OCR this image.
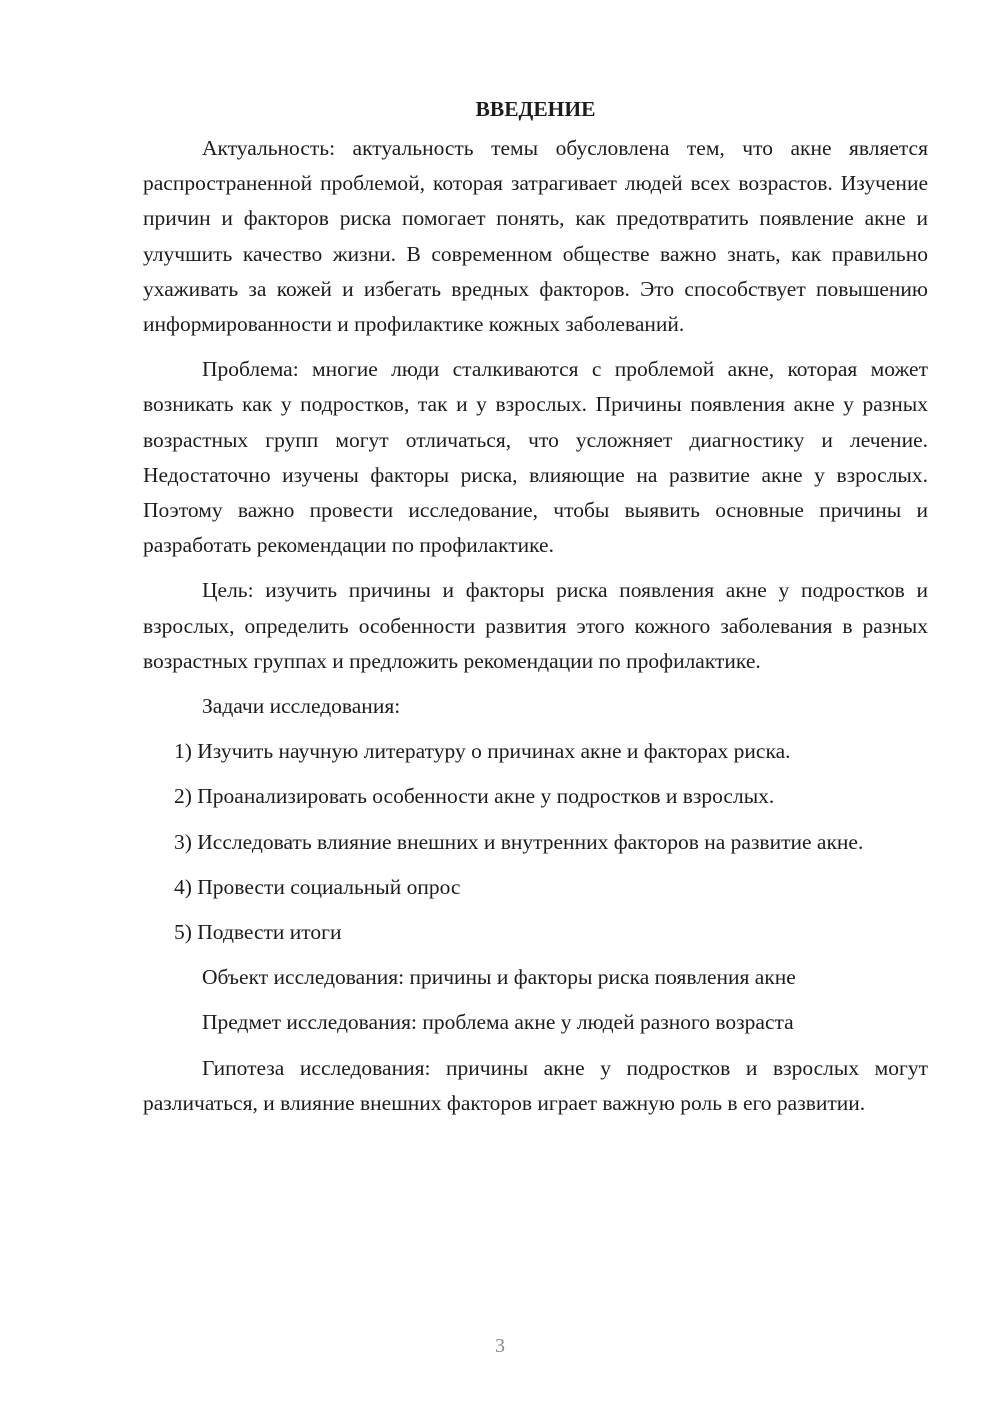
ВВЕДЕНИЕ

Актуальность: актуальность темы обусловлена тем, что акне является распространенной проблемой, которая затрагивает людей всех возрастов. Изучение причин и факторов риска помогает понять, как предотвратить появление акне и улучшить качество жизни. В современном обществе важно знать, как правильно ухаживать за кожей и избегать вредных факторов. Это способствует повышению информированности и профилактике кожных заболеваний.

Проблема: многие люди сталкиваются с проблемой акне, которая может возникать как у подростков, так и у взрослых. Причины появления акне у разных возрастных групп могут отличаться, что усложняет диагностику и лечение. Недостаточно изучены факторы риска, влияющие на развитие акне у взрослых. Поэтому важно провести исследование, чтобы выявить основные причины и разработать рекомендации по профилактике.

Цель: изучить причины и факторы риска появления акне у подростков и взрослых, определить особенности развития этого кожного заболевания в разных возрастных группах и предложить рекомендации по профилактике.

Задачи исследования:

1) Изучить научную литературу о причинах акне и факторах риска.

2) Проанализировать особенности акне у подростков и взрослых.

3) Исследовать влияние внешних и внутренних факторов на развитие акне.

4) Провести социальный опрос

5) Подвести итоги

Объект исследования: причины и факторы риска появления акне

Предмет исследования: проблема акне у людей разного возраста

Гипотеза исследования: причины акне у подростков и взрослых могут различаться, и влияние внешних факторов играет важную роль в его развитии.

3
